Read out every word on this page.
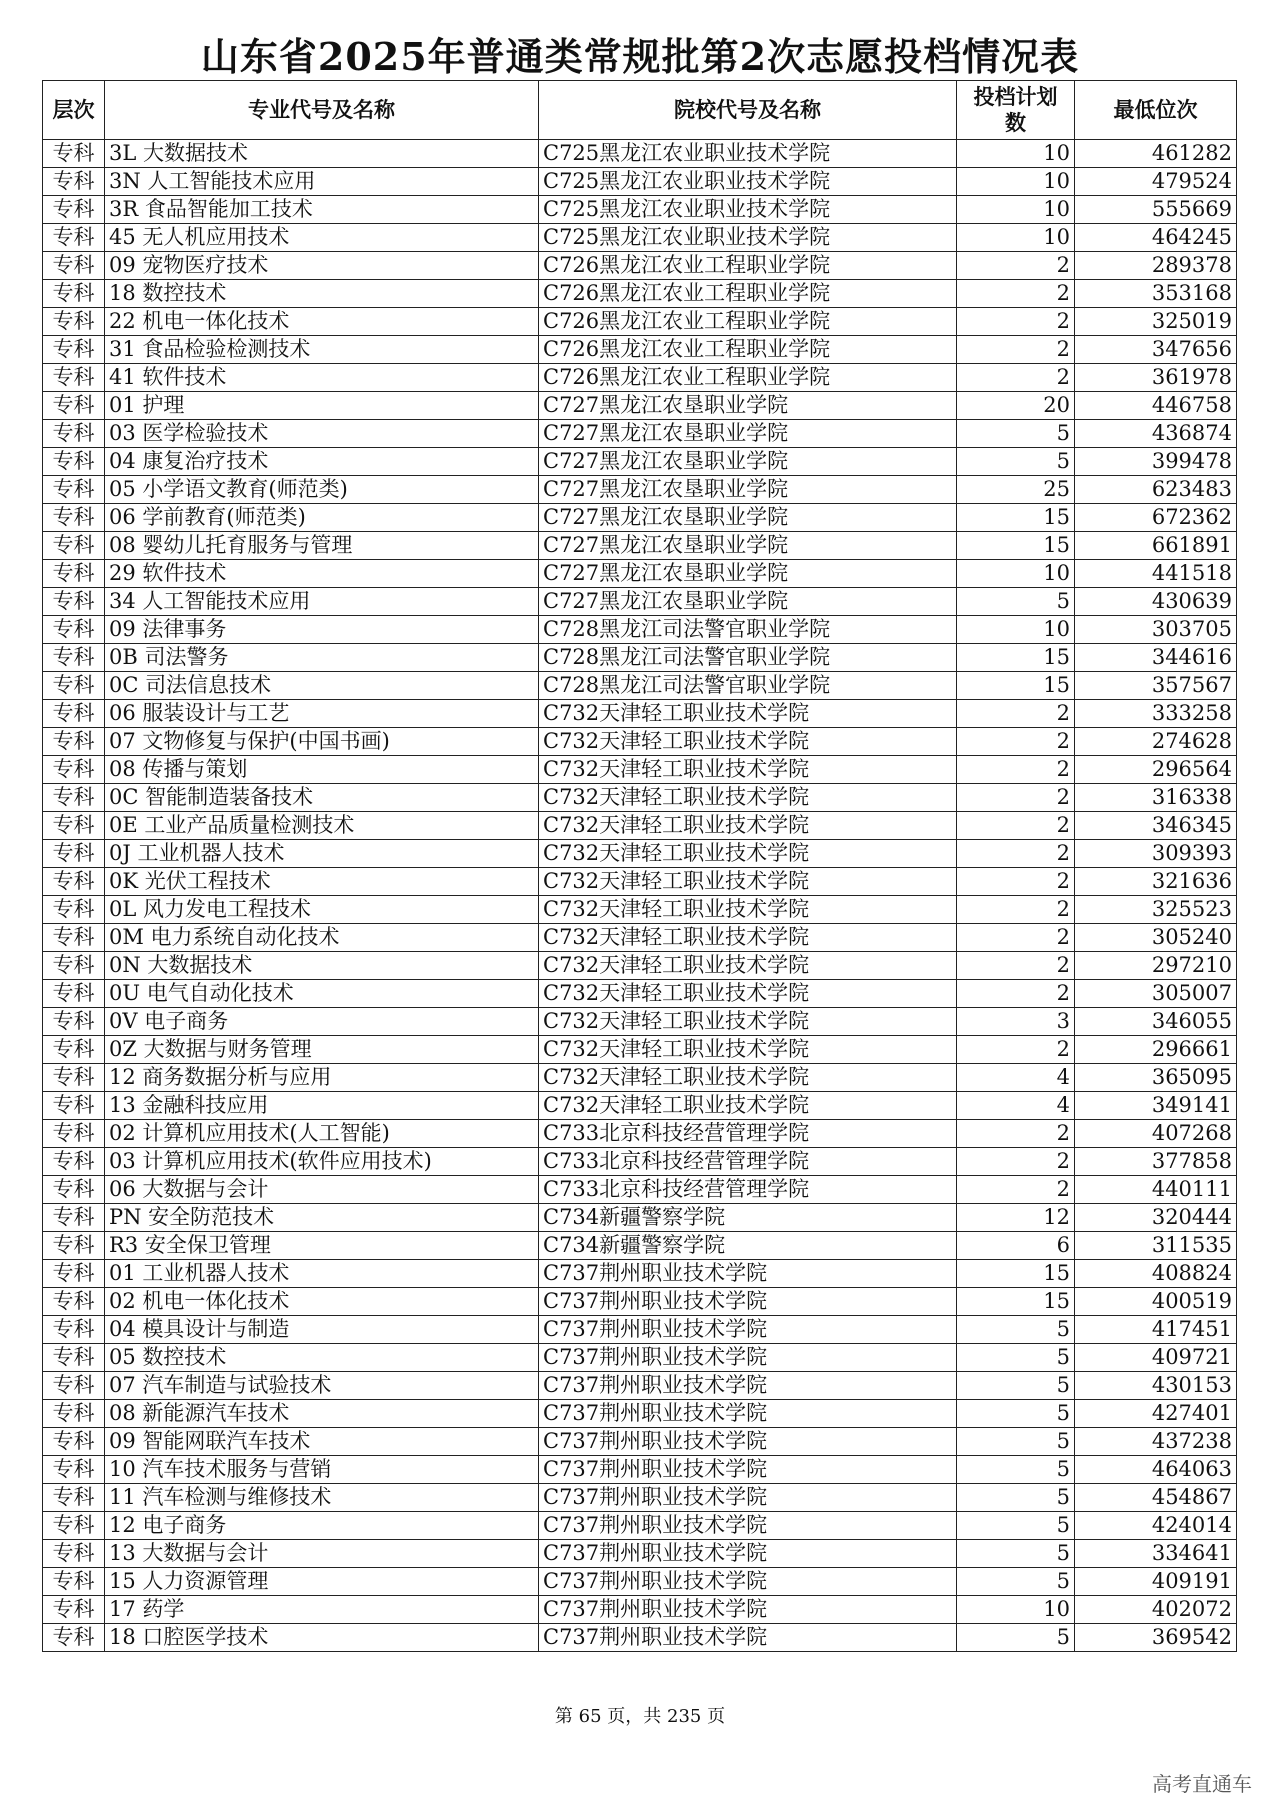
山东省2025年普通类常规批第2次志愿投档情况表
层次	专业代号及名称	院校代号及名称	投档计划数	最低位次
专科	3L 大数据技术	C725黑龙江农业职业技术学院	10	461282
专科	3N 人工智能技术应用	C725黑龙江农业职业技术学院	10	479524
专科	3R 食品智能加工技术	C725黑龙江农业职业技术学院	10	555669
专科	45 无人机应用技术	C725黑龙江农业职业技术学院	10	464245
专科	09 宠物医疗技术	C726黑龙江农业工程职业学院	2	289378
专科	18 数控技术	C726黑龙江农业工程职业学院	2	353168
专科	22 机电一体化技术	C726黑龙江农业工程职业学院	2	325019
专科	31 食品检验检测技术	C726黑龙江农业工程职业学院	2	347656
专科	41 软件技术	C726黑龙江农业工程职业学院	2	361978
专科	01 护理	C727黑龙江农垦职业学院	20	446758
专科	03 医学检验技术	C727黑龙江农垦职业学院	5	436874
专科	04 康复治疗技术	C727黑龙江农垦职业学院	5	399478
专科	05 小学语文教育(师范类)	C727黑龙江农垦职业学院	25	623483
专科	06 学前教育(师范类)	C727黑龙江农垦职业学院	15	672362
专科	08 婴幼儿托育服务与管理	C727黑龙江农垦职业学院	15	661891
专科	29 软件技术	C727黑龙江农垦职业学院	10	441518
专科	34 人工智能技术应用	C727黑龙江农垦职业学院	5	430639
专科	09 法律事务	C728黑龙江司法警官职业学院	10	303705
专科	0B 司法警务	C728黑龙江司法警官职业学院	15	344616
专科	0C 司法信息技术	C728黑龙江司法警官职业学院	15	357567
专科	06 服装设计与工艺	C732天津轻工职业技术学院	2	333258
专科	07 文物修复与保护(中国书画)	C732天津轻工职业技术学院	2	274628
专科	08 传播与策划	C732天津轻工职业技术学院	2	296564
专科	0C 智能制造装备技术	C732天津轻工职业技术学院	2	316338
专科	0E 工业产品质量检测技术	C732天津轻工职业技术学院	2	346345
专科	0J 工业机器人技术	C732天津轻工职业技术学院	2	309393
专科	0K 光伏工程技术	C732天津轻工职业技术学院	2	321636
专科	0L 风力发电工程技术	C732天津轻工职业技术学院	2	325523
专科	0M 电力系统自动化技术	C732天津轻工职业技术学院	2	305240
专科	0N 大数据技术	C732天津轻工职业技术学院	2	297210
专科	0U 电气自动化技术	C732天津轻工职业技术学院	2	305007
专科	0V 电子商务	C732天津轻工职业技术学院	3	346055
专科	0Z 大数据与财务管理	C732天津轻工职业技术学院	2	296661
专科	12 商务数据分析与应用	C732天津轻工职业技术学院	4	365095
专科	13 金融科技应用	C732天津轻工职业技术学院	4	349141
专科	02 计算机应用技术(人工智能)	C733北京科技经营管理学院	2	407268
专科	03 计算机应用技术(软件应用技术)	C733北京科技经营管理学院	2	377858
专科	06 大数据与会计	C733北京科技经营管理学院	2	440111
专科	PN 安全防范技术	C734新疆警察学院	12	320444
专科	R3 安全保卫管理	C734新疆警察学院	6	311535
专科	01 工业机器人技术	C737荆州职业技术学院	15	408824
专科	02 机电一体化技术	C737荆州职业技术学院	15	400519
专科	04 模具设计与制造	C737荆州职业技术学院	5	417451
专科	05 数控技术	C737荆州职业技术学院	5	409721
专科	07 汽车制造与试验技术	C737荆州职业技术学院	5	430153
专科	08 新能源汽车技术	C737荆州职业技术学院	5	427401
专科	09 智能网联汽车技术	C737荆州职业技术学院	5	437238
专科	10 汽车技术服务与营销	C737荆州职业技术学院	5	464063
专科	11 汽车检测与维修技术	C737荆州职业技术学院	5	454867
专科	12 电子商务	C737荆州职业技术学院	5	424014
专科	13 大数据与会计	C737荆州职业技术学院	5	334641
专科	15 人力资源管理	C737荆州职业技术学院	5	409191
专科	17 药学	C737荆州职业技术学院	10	402072
专科	18 口腔医学技术	C737荆州职业技术学院	5	369542
第 65 页，共 235 页
高考直通车
